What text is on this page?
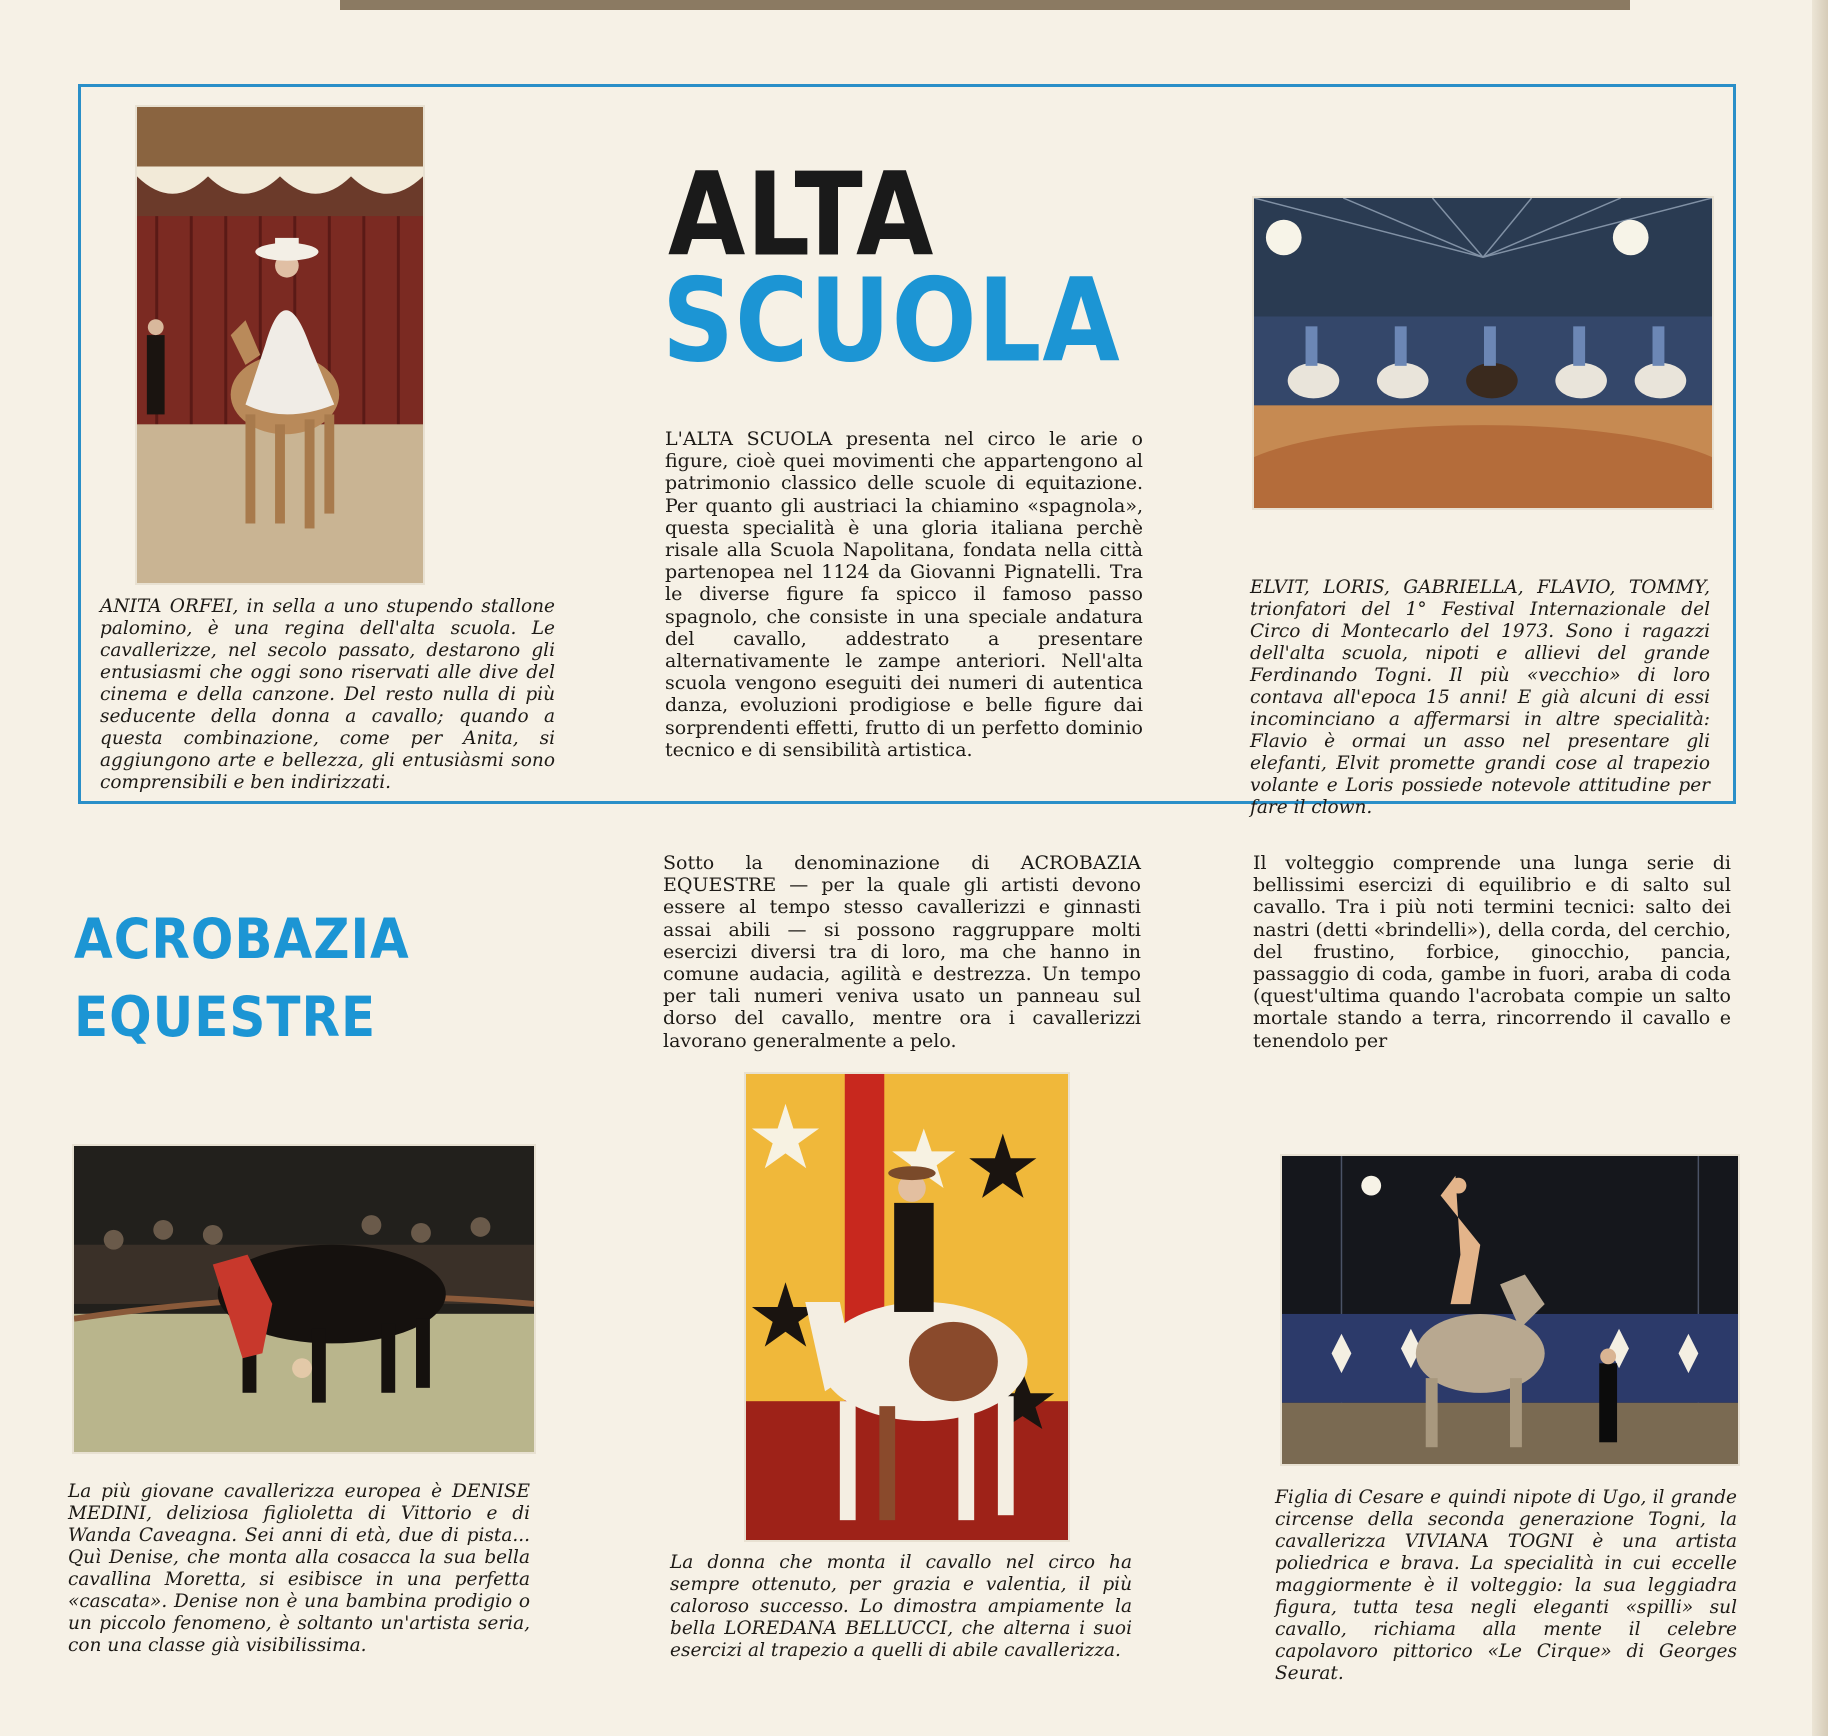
ANITA ORFEI, in sella a uno stupendo stallone palomino, è una regina dell'alta scuola. Le cavallerizze, nel secolo passato, destarono gli entusiasmi che oggi sono riservati alle dive del cinema e della canzone. Del resto nulla di più seducente della donna a cavallo; quando a questa combinazione, come per Anita, si aggiungono arte e bellezza, gli entusiàsmi sono comprensibili e ben indirizzati.

ALTA
SCUOLA

L'ALTA SCUOLA presenta nel circo le arie o figure, cioè quei movimenti che appartengono al patrimonio classico delle scuole di equitazione. Per quanto gli austriaci la chiamino «spagnola», questa specialità è una gloria italiana perchè risale alla Scuola Napolitana, fondata nella città partenopea nel 1124 da Giovanni Pignatelli. Tra le diverse figure fa spicco il famoso passo spagnolo, che consiste in una speciale andatura del cavallo, addestrato a presentare alternativamente le zampe anteriori. Nell'alta scuola vengono eseguiti dei numeri di autentica danza, evoluzioni prodigiose e belle figure dai sorprendenti effetti, frutto di un perfetto dominio tecnico e di sensibilità artistica.

ELVIT, LORIS, GABRIELLA, FLAVIO, TOMMY, trionfatori del 1° Festival Internazionale del Circo di Montecarlo del 1973. Sono i ragazzi dell'alta scuola, nipoti e allievi del grande Ferdinando Togni. Il più «vecchio» di loro contava all'epoca 15 anni! E già alcuni di essi incominciano a affermarsi in altre specialità: Flavio è ormai un asso nel presentare gli elefanti, Elvit promette grandi cose al trapezio volante e Loris possiede notevole attitudine per fare il clown.

ACROBAZIA
EQUESTRE

Sotto la denominazione di ACROBAZIA EQUESTRE — per la quale gli artisti devono essere al tempo stesso cavallerizzi e ginnasti assai abili — si possono raggruppare molti esercizi diversi tra di loro, ma che hanno in comune audacia, agilità e destrezza. Un tempo per tali numeri veniva usato un panneau sul dorso del cavallo, mentre ora i cavallerizzi lavorano generalmente a pelo.

Il volteggio comprende una lunga serie di bellissimi esercizi di equilibrio e di salto sul cavallo. Tra i più noti termini tecnici: salto dei nastri (detti «brindelli»), della corda, del cerchio, del frustino, forbice, ginocchio, pancia, passaggio di coda, gambe in fuori, araba di coda (quest'ultima quando l'acrobata compie un salto mortale stando a terra, rincorrendo il cavallo e tenendolo per

La più giovane cavallerizza europea è DENISE MEDINI, deliziosa figlioletta di Vittorio e di Wanda Caveagna. Sei anni di età, due di pista... Quì Denise, che monta alla cosacca la sua bella cavallina Moretta, si esibisce in una perfetta «cascata». Denise non è una bambina prodigio o un piccolo fenomeno, è soltanto un'artista seria, con una classe già visibilissima.

La donna che monta il cavallo nel circo ha sempre ottenuto, per grazia e valentia, il più caloroso successo. Lo dimostra ampiamente la bella LOREDANA BELLUCCI, che alterna i suoi esercizi al trapezio a quelli di abile cavallerizza.

Figlia di Cesare e quindi nipote di Ugo, il grande circense della seconda generazione Togni, la cavallerizza VIVIANA TOGNI è una artista poliedrica e brava. La specialità in cui eccelle maggiormente è il volteggio: la sua leggiadra figura, tutta tesa negli eleganti «spilli» sul cavallo, richiama alla mente il celebre capolavoro pittorico «Le Cirque» di Georges Seurat.
